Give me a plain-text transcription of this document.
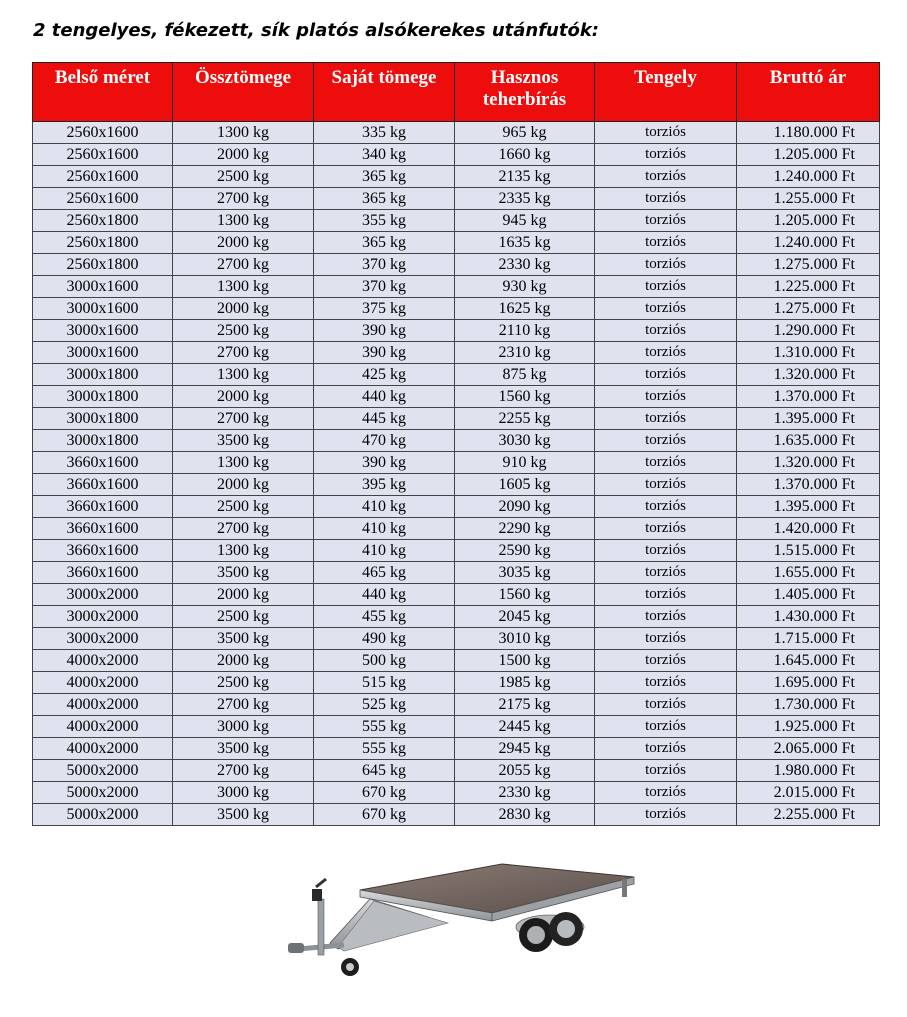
2 tengelyes, fékezett, sík platós alsókerekes utánfutók:
Belső méret	Össztömege	Saját tömege	Hasznos teherbírás	Tengely	Bruttó ár
2560x1600	1300 kg	335 kg	965 kg	torziós	1.180.000 Ft
2560x1600	2000 kg	340 kg	1660 kg	torziós	1.205.000 Ft
2560x1600	2500 kg	365 kg	2135 kg	torziós	1.240.000 Ft
2560x1600	2700 kg	365 kg	2335 kg	torziós	1.255.000 Ft
2560x1800	1300 kg	355 kg	945 kg	torziós	1.205.000 Ft
2560x1800	2000 kg	365 kg	1635 kg	torziós	1.240.000 Ft
2560x1800	2700 kg	370 kg	2330 kg	torziós	1.275.000 Ft
3000x1600	1300 kg	370 kg	930 kg	torziós	1.225.000 Ft
3000x1600	2000 kg	375 kg	1625 kg	torziós	1.275.000 Ft
3000x1600	2500 kg	390 kg	2110 kg	torziós	1.290.000 Ft
3000x1600	2700 kg	390 kg	2310 kg	torziós	1.310.000 Ft
3000x1800	1300 kg	425 kg	875 kg	torziós	1.320.000 Ft
3000x1800	2000 kg	440 kg	1560 kg	torziós	1.370.000 Ft
3000x1800	2700 kg	445 kg	2255 kg	torziós	1.395.000 Ft
3000x1800	3500 kg	470 kg	3030 kg	torziós	1.635.000 Ft
3660x1600	1300 kg	390 kg	910 kg	torziós	1.320.000 Ft
3660x1600	2000 kg	395 kg	1605 kg	torziós	1.370.000 Ft
3660x1600	2500 kg	410 kg	2090 kg	torziós	1.395.000 Ft
3660x1600	2700 kg	410 kg	2290 kg	torziós	1.420.000 Ft
3660x1600	1300 kg	410 kg	2590 kg	torziós	1.515.000 Ft
3660x1600	3500 kg	465 kg	3035 kg	torziós	1.655.000 Ft
3000x2000	2000 kg	440 kg	1560 kg	torziós	1.405.000 Ft
3000x2000	2500 kg	455 kg	2045 kg	torziós	1.430.000 Ft
3000x2000	3500 kg	490 kg	3010 kg	torziós	1.715.000 Ft
4000x2000	2000 kg	500 kg	1500 kg	torziós	1.645.000 Ft
4000x2000	2500 kg	515 kg	1985 kg	torziós	1.695.000 Ft
4000x2000	2700 kg	525 kg	2175 kg	torziós	1.730.000 Ft
4000x2000	3000 kg	555 kg	2445 kg	torziós	1.925.000 Ft
4000x2000	3500 kg	555 kg	2945 kg	torziós	2.065.000 Ft
5000x2000	2700 kg	645 kg	2055 kg	torziós	1.980.000 Ft
5000x2000	3000 kg	670 kg	2330 kg	torziós	2.015.000 Ft
5000x2000	3500 kg	670 kg	2830 kg	torziós	2.255.000 Ft
